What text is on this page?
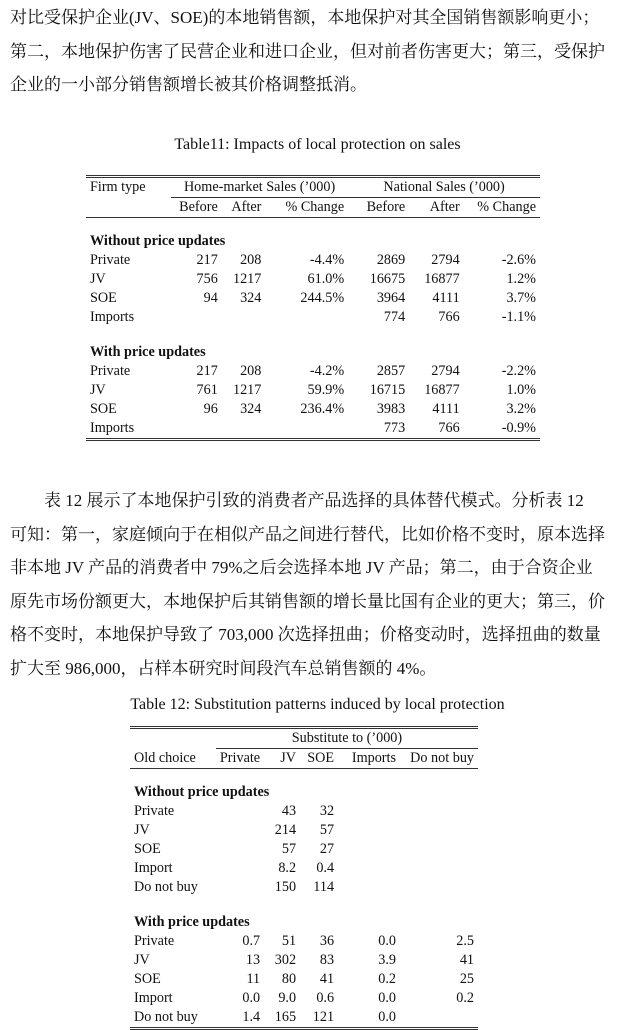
对比受保护企业(JV、SOE)的本地销售额，本地保护对其全国销售额影响更小；

第二，本地保护伤害了民营企业和进口企业，但对前者伤害更大；第三，受保护

企业的一小部分销售额增长被其价格调整抵消。

Table11: Impacts of local protection on sales
Firm type	Home-market Sales (’000)			National Sales (’000)		
	Before	After	% Change	Before	After	% Change

Without price updates						
Private	217	208	-4.4%	2869	2794	-2.6%
JV	756	1217	61.0%	16675	16877	1.2%
SOE	94	324	244.5%	3964	4111	3.7%
Imports				774	766	-1.1%

With price updates						
Private	217	208	-4.2%	2857	2794	-2.2%
JV	761	1217	59.9%	16715	16877	1.0%
SOE	96	324	236.4%	3983	4111	3.2%
Imports				773	766	-0.9%

表 12 展示了本地保护引致的消费者产品选择的具体替代模式。分析表 12

可知：第一，家庭倾向于在相似产品之间进行替代，比如价格不变时，原本选择

非本地 JV 产品的消费者中 79%之后会选择本地 JV 产品；第二，由于合资企业

原先市场份额更大，本地保护后其销售额的增长量比国有企业的更大；第三，价

格不变时，本地保护导致了 703,000 次选择扭曲；价格变动时，选择扭曲的数量

扩大至 986,000，占样本研究时间段汽车总销售额的 4%。

Table 12: Substitution patterns induced by local protection
	Substitute to (’000)				
Old choice	Private	JV	SOE	Imports	Do not buy

Without price updates					
Private		43	32		
JV		214	57		
SOE		57	27		
Import		8.2	0.4		
Do not buy		150	114		

With price updates					
Private	0.7	51	36	0.0	2.5
JV	13	302	83	3.9	41
SOE	11	80	41	0.2	25
Import	0.0	9.0	0.6	0.0	0.2
Do not buy	1.4	165	121	0.0	
